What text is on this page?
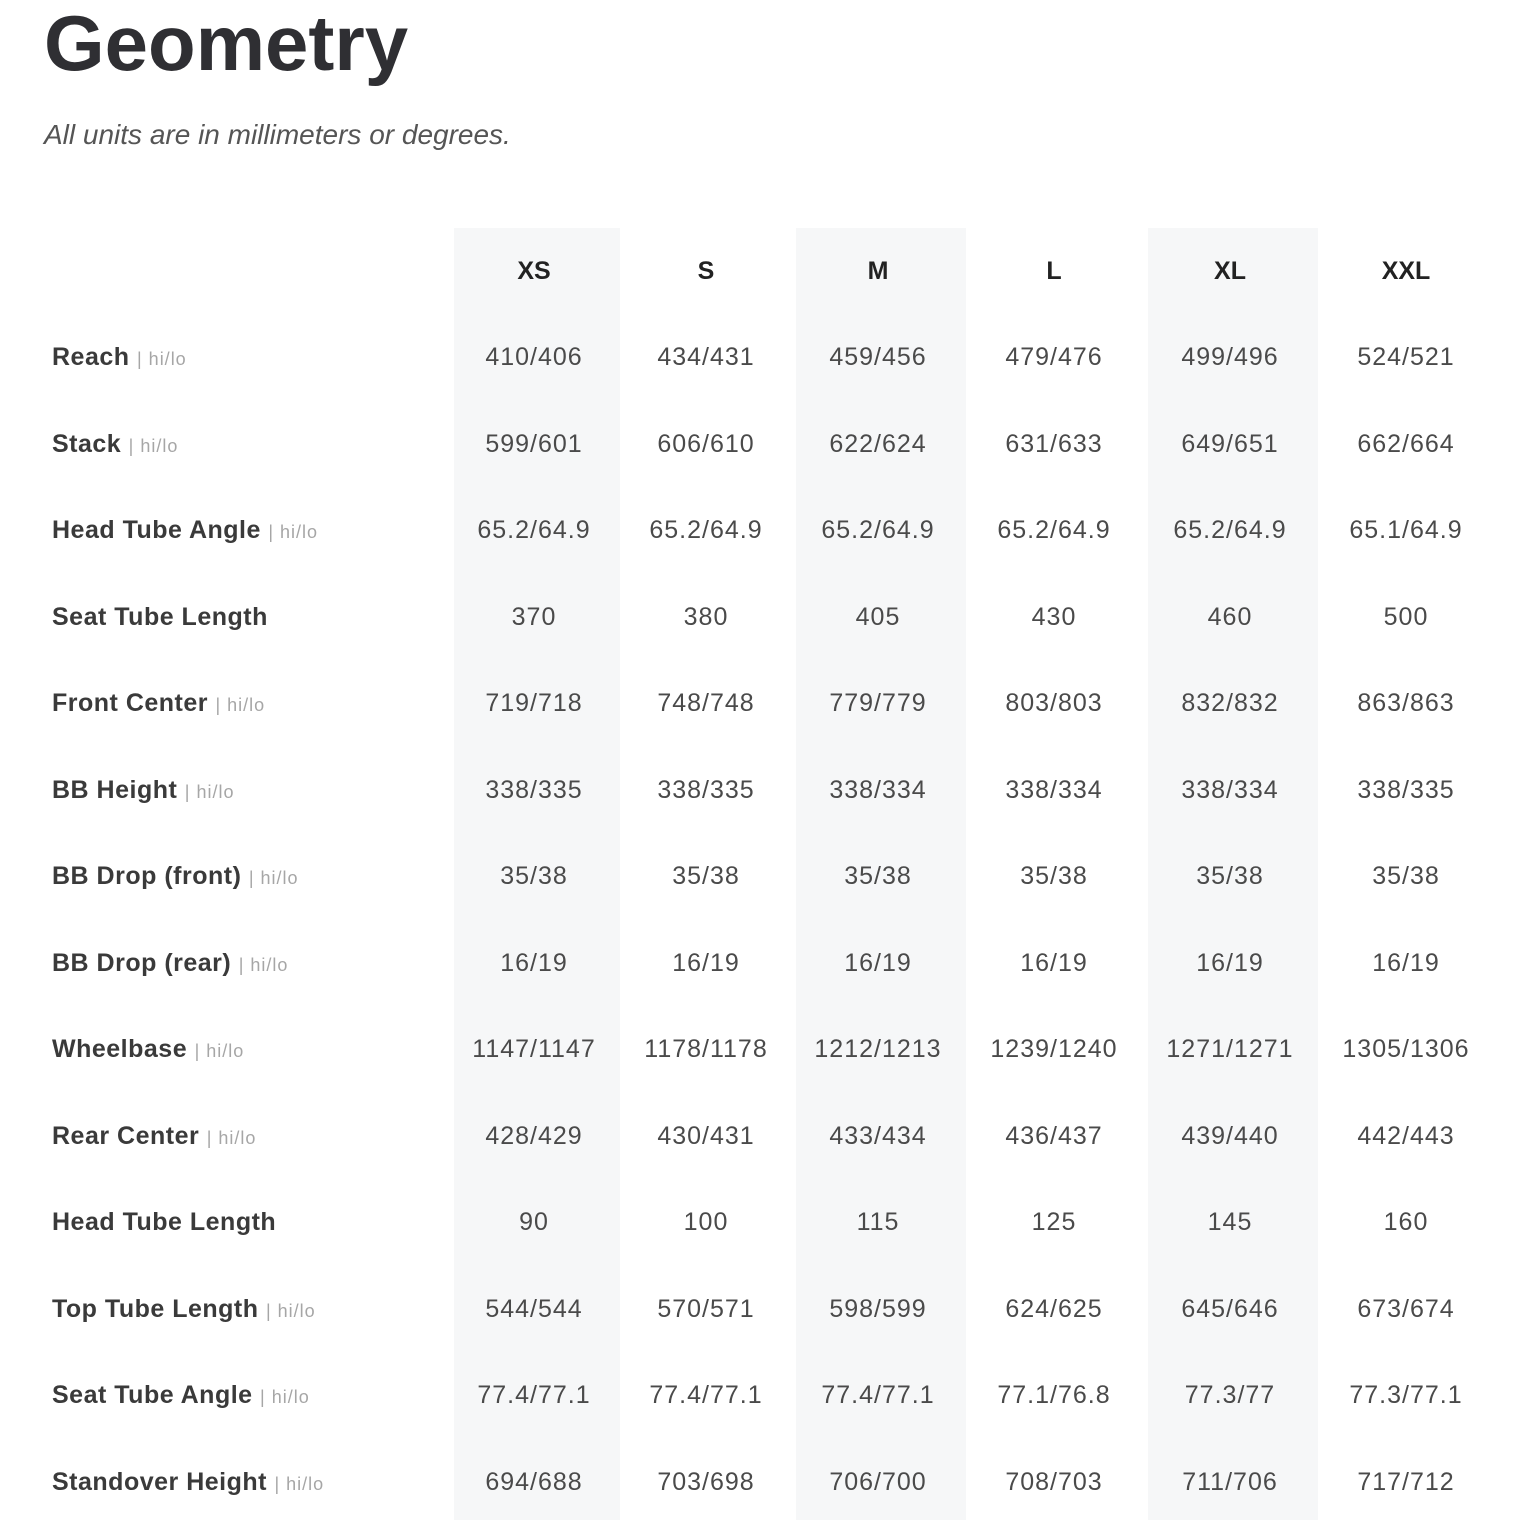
Geometry
All units are in millimeters or degrees.
XS	S	M	L	XL	XXL
Reach | hi/lo	410/406	434/431	459/456	479/476	499/496	524/521
Stack | hi/lo	599/601	606/610	622/624	631/633	649/651	662/664
Head Tube Angle | hi/lo	65.2/64.9	65.2/64.9	65.2/64.9	65.2/64.9	65.2/64.9	65.1/64.9
Seat Tube Length	370	380	405	430	460	500
Front Center | hi/lo	719/718	748/748	779/779	803/803	832/832	863/863
BB Height | hi/lo	338/335	338/335	338/334	338/334	338/334	338/335
BB Drop (front) | hi/lo	35/38	35/38	35/38	35/38	35/38	35/38
BB Drop (rear) | hi/lo	16/19	16/19	16/19	16/19	16/19	16/19
Wheelbase | hi/lo	1147/1147	1178/1178	1212/1213	1239/1240	1271/1271	1305/1306
Rear Center | hi/lo	428/429	430/431	433/434	436/437	439/440	442/443
Head Tube Length	90	100	115	125	145	160
Top Tube Length | hi/lo	544/544	570/571	598/599	624/625	645/646	673/674
Seat Tube Angle | hi/lo	77.4/77.1	77.4/77.1	77.4/77.1	77.1/76.8	77.3/77	77.3/77.1
Standover Height | hi/lo	694/688	703/698	706/700	708/703	711/706	717/712
